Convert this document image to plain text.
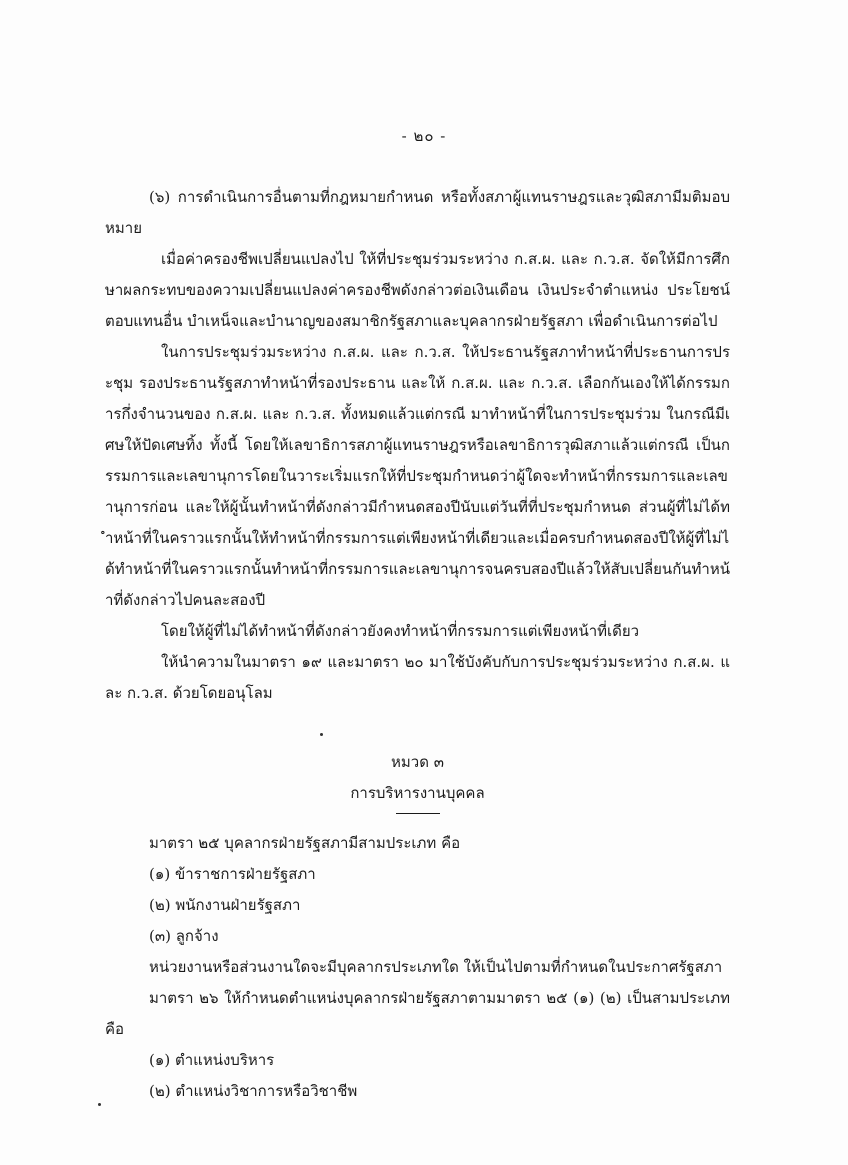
- ๒๐ -

(๖) การดำเนินการอื่นตามที่กฎหมายกำหนด หรือทั้งสภาผู้แทนราษฎรและวุฒิสภามีมติมอบหมาย

เมื่อค่าครองชีพเปลี่ยนแปลงไป ให้ที่ประชุมร่วมระหว่าง ก.ส.ผ. และ ก.ว.ส. จัดให้มีการศึกษาผลกระทบของความเปลี่ยนแปลงค่าครองชีพดังกล่าวต่อเงินเดือน เงินประจำตำแหน่ง ประโยชน์ตอบแทนอื่น บำเหน็จและบำนาญของสมาชิกรัฐสภาและบุคลากรฝ่ายรัฐสภา เพื่อดำเนินการต่อไป

ในการประชุมร่วมระหว่าง ก.ส.ผ. และ ก.ว.ส. ให้ประธานรัฐสภาทำหน้าที่ประธานการประชุม รองประธานรัฐสภาทำหน้าที่รองประธาน และให้ ก.ส.ผ. และ ก.ว.ส. เลือกกันเองให้ได้กรรมการกึ่งจำนวนของ ก.ส.ผ. และ ก.ว.ส. ทั้งหมดแล้วแต่กรณี มาทำหน้าที่ในการประชุมร่วม ในกรณีมีเศษให้ปัดเศษทิ้ง ทั้งนี้ โดยให้เลขาธิการสภาผู้แทนราษฎรหรือเลขาธิการวุฒิสภาแล้วแต่กรณี เป็นกรรมการและเลขานุการโดยในวาระเริ่มแรกให้ที่ประชุมกำหนดว่าผู้ใดจะทำหน้าที่กรรมการและเลขานุการก่อน และให้ผู้นั้นทำหน้าที่ดังกล่าวมีกำหนดสองปีนับแต่วันที่ที่ประชุมกำหนด ส่วนผู้ที่ไม่ได้ทำหน้าที่ในคราวแรกนั้นให้ทำหน้าที่กรรมการแต่เพียงหน้าที่เดียวและเมื่อครบกำหนดสองปีให้ผู้ที่ไม่ได้ทำหน้าที่ในคราวแรกนั้นทำหน้าที่กรรมการและเลขานุการจนครบสองปีแล้วให้สับเปลี่ยนกันทำหน้าที่ดังกล่าวไปคนละสองปี

โดยให้ผู้ที่ไม่ได้ทำหน้าที่ดังกล่าวยังคงทำหน้าที่กรรมการแต่เพียงหน้าที่เดียว

ให้นำความในมาตรา ๑๙ และมาตรา ๒๐ มาใช้บังคับกับการประชุมร่วมระหว่าง ก.ส.ผ. และ ก.ว.ส. ด้วยโดยอนุโลม

หมวด ๓

การบริหารงานบุคคล

มาตรา ๒๕ บุคลากรฝ่ายรัฐสภามีสามประเภท คือ

(๑) ข้าราชการฝ่ายรัฐสภา

(๒) พนักงานฝ่ายรัฐสภา

(๓) ลูกจ้าง

หน่วยงานหรือส่วนงานใดจะมีบุคลากรประเภทใด ให้เป็นไปตามที่กำหนดในประกาศรัฐสภา

มาตรา ๒๖ ให้กำหนดตำแหน่งบุคลากรฝ่ายรัฐสภาตามมาตรา ๒๕ (๑) (๒) เป็นสามประเภท คือ

(๑) ตำแหน่งบริหาร

(๒) ตำแหน่งวิชาการหรือวิชาชีพ
